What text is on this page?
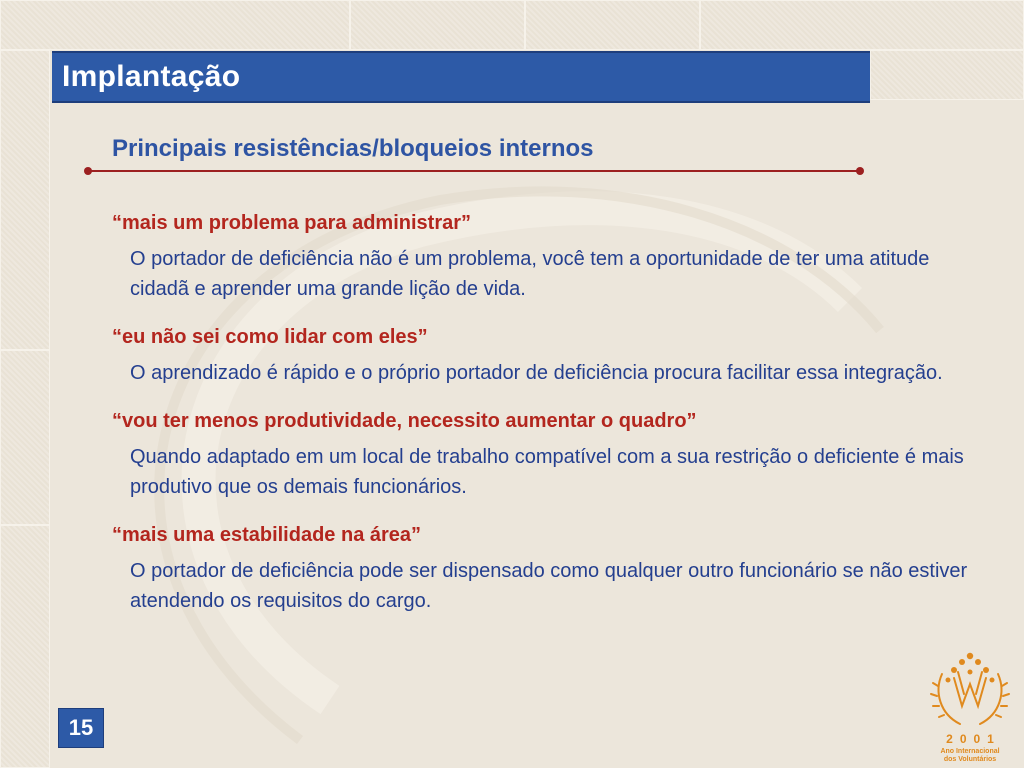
Implantação
Principais resistências/bloqueios internos

“mais um problema para administrar”

O portador de deficiência não é um problema, você tem a oportunidade de ter uma atitude cidadã e aprender uma grande lição de vida.

“eu não sei como lidar com eles”

O aprendizado é rápido e o próprio portador de deficiência procura facilitar essa integração.

“vou ter menos produtividade, necessito aumentar o quadro”

Quando adaptado em um local de trabalho compatível com a sua restrição o deficiente é mais produtivo que os demais funcionários.

“mais uma estabilidade na área”

O portador de deficiência pode ser dispensado como qualquer outro funcionário se não estiver atendendo os requisitos do cargo.

15	2001
Ano Internacional
dos Voluntários
